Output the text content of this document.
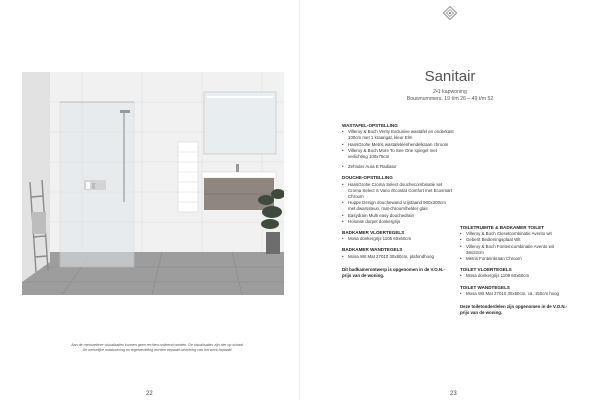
Aan de metroretieve visualisaties kunnen geen rechten ontleend worden. De visualisaties zijn niet op schaal.
De werkelijke maatvoering en tegelverdeling worden bepaald uitvoering van het werk bepaald.
22
Sanitair
2•1 kapwoning
Bouwnummers: 19 t/m 26 – 49 t/m 52
WASTAFEL-OPSTELLING
• Villeroy & Boch Verity Exclusive wastafel en onderkast 100cm met 1 kraangat, kleur Elm
• HansGrohe Metris wastafeléénhendelkraan chroom
• Villeroy & Boch More To See One spiegel met verlichting 100x75cm
• Zehnder Aura E Radiator
DOUCHE-OPSTELLING
• HansGrohe Croma Select douchecombinatie set Croma Select S Vario /Ecostat Comfort met Ecosmart Chroom
• Huppe Design douchewand vrijstaand 900x200cm met dwarssteun, mat-chroom/helder glas
• Easydrain Multi easy douchedrain
• Holonite dorpel donkergrijs
BADKAMER VLOERTEGELS
• Mosa donkergrijs 1105 60x60cm
BADKAMER WANDTEGELS
• Mosa Wit Mat 27010 30x60cm, plafondhoog
Dit badkamerontwerp is opgenomen in de V.O.N.-prijs van de woning.
TOILETRUIMTE & BADKAMER TOILET
• Villeroy & Boch Closetcombinatie Avento wit
• Geberit Bedieningsplaat Wit
• Villeroy & Boch Fonteincombinatie Avento wit 36x22cm
• Metris Fonteinkraan Chroom
TOILET VLOERTEGELS
• Mosa donkergrijs 1109 60x60cm
TOILET WANDTEGELS
• Mosa Wit Mat 27010 30x60cm, ca. 150cm hoog
Deze toiletonderdelen zijn opgenomen in de V.O.N.-prijs van de woning.
23
